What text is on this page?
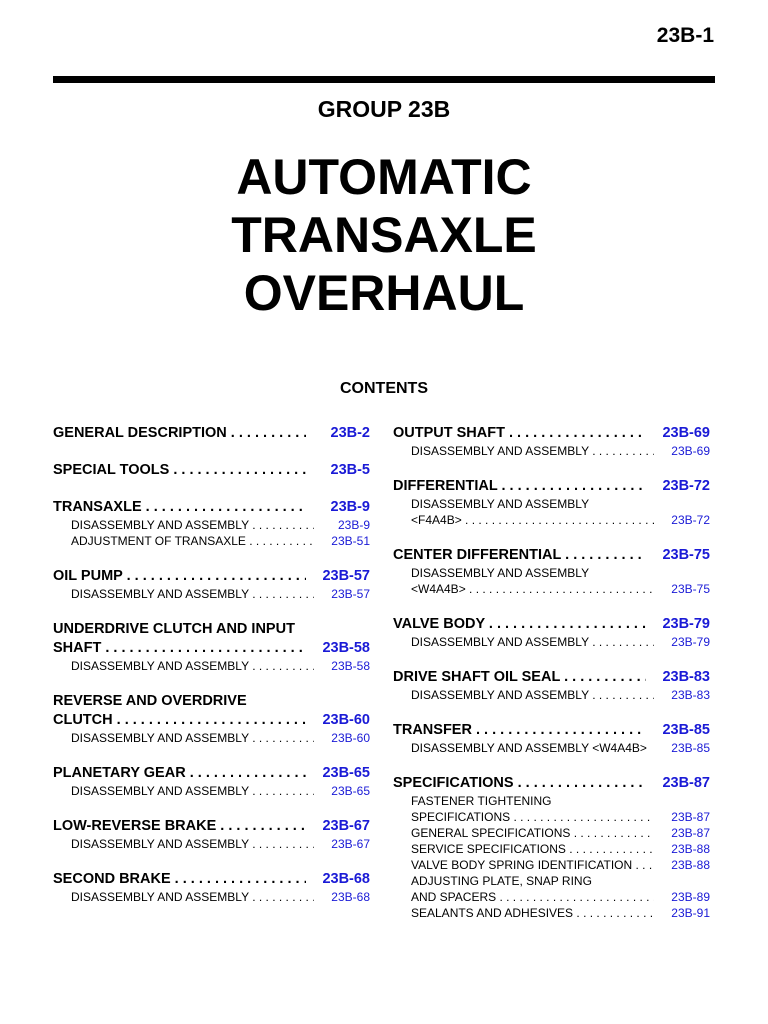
23B-1
GROUP 23B
AUTOMATIC
TRANSAXLE
OVERHAUL
CONTENTS
GENERAL DESCRIPTION . . .	23B-2
SPECIAL TOOLS . . .	23B-5
TRANSAXLE . . .	23B-9
DISASSEMBLY AND ASSEMBLY . . .	23B-9
ADJUSTMENT OF TRANSAXLE . . .	23B-51
OIL PUMP . . .	23B-57
DISASSEMBLY AND ASSEMBLY . . .	23B-57
UNDERDRIVE CLUTCH AND INPUT
SHAFT . . .	23B-58
DISASSEMBLY AND ASSEMBLY . . .	23B-58
REVERSE AND OVERDRIVE
CLUTCH . . .	23B-60
DISASSEMBLY AND ASSEMBLY . . .	23B-60
PLANETARY GEAR . . .	23B-65
DISASSEMBLY AND ASSEMBLY . . .	23B-65
LOW-REVERSE BRAKE . . .	23B-67
DISASSEMBLY AND ASSEMBLY . . .	23B-67
SECOND BRAKE . . .	23B-68
DISASSEMBLY AND ASSEMBLY . . .	23B-68
OUTPUT SHAFT . . .	23B-69
DISASSEMBLY AND ASSEMBLY . . .	23B-69
DIFFERENTIAL . . .	23B-72
DISASSEMBLY AND ASSEMBLY
<F4A4B> . . .	23B-72
CENTER DIFFERENTIAL . . .	23B-75
DISASSEMBLY AND ASSEMBLY
<W4A4B> . . .	23B-75
VALVE BODY . . .	23B-79
DISASSEMBLY AND ASSEMBLY . . .	23B-79
DRIVE SHAFT OIL SEAL . . .	23B-83
DISASSEMBLY AND ASSEMBLY . . .	23B-83
TRANSFER . . .	23B-85
DISASSEMBLY AND ASSEMBLY <W4A4B>	23B-85
SPECIFICATIONS . . .	23B-87
FASTENER TIGHTENING
SPECIFICATIONS . . .	23B-87
GENERAL SPECIFICATIONS . . .	23B-87
SERVICE SPECIFICATIONS . . .	23B-88
VALVE BODY SPRING IDENTIFICATION . . .	23B-88
ADJUSTING PLATE, SNAP RING
AND SPACERS . . .	23B-89
SEALANTS AND ADHESIVES . . .	23B-91
